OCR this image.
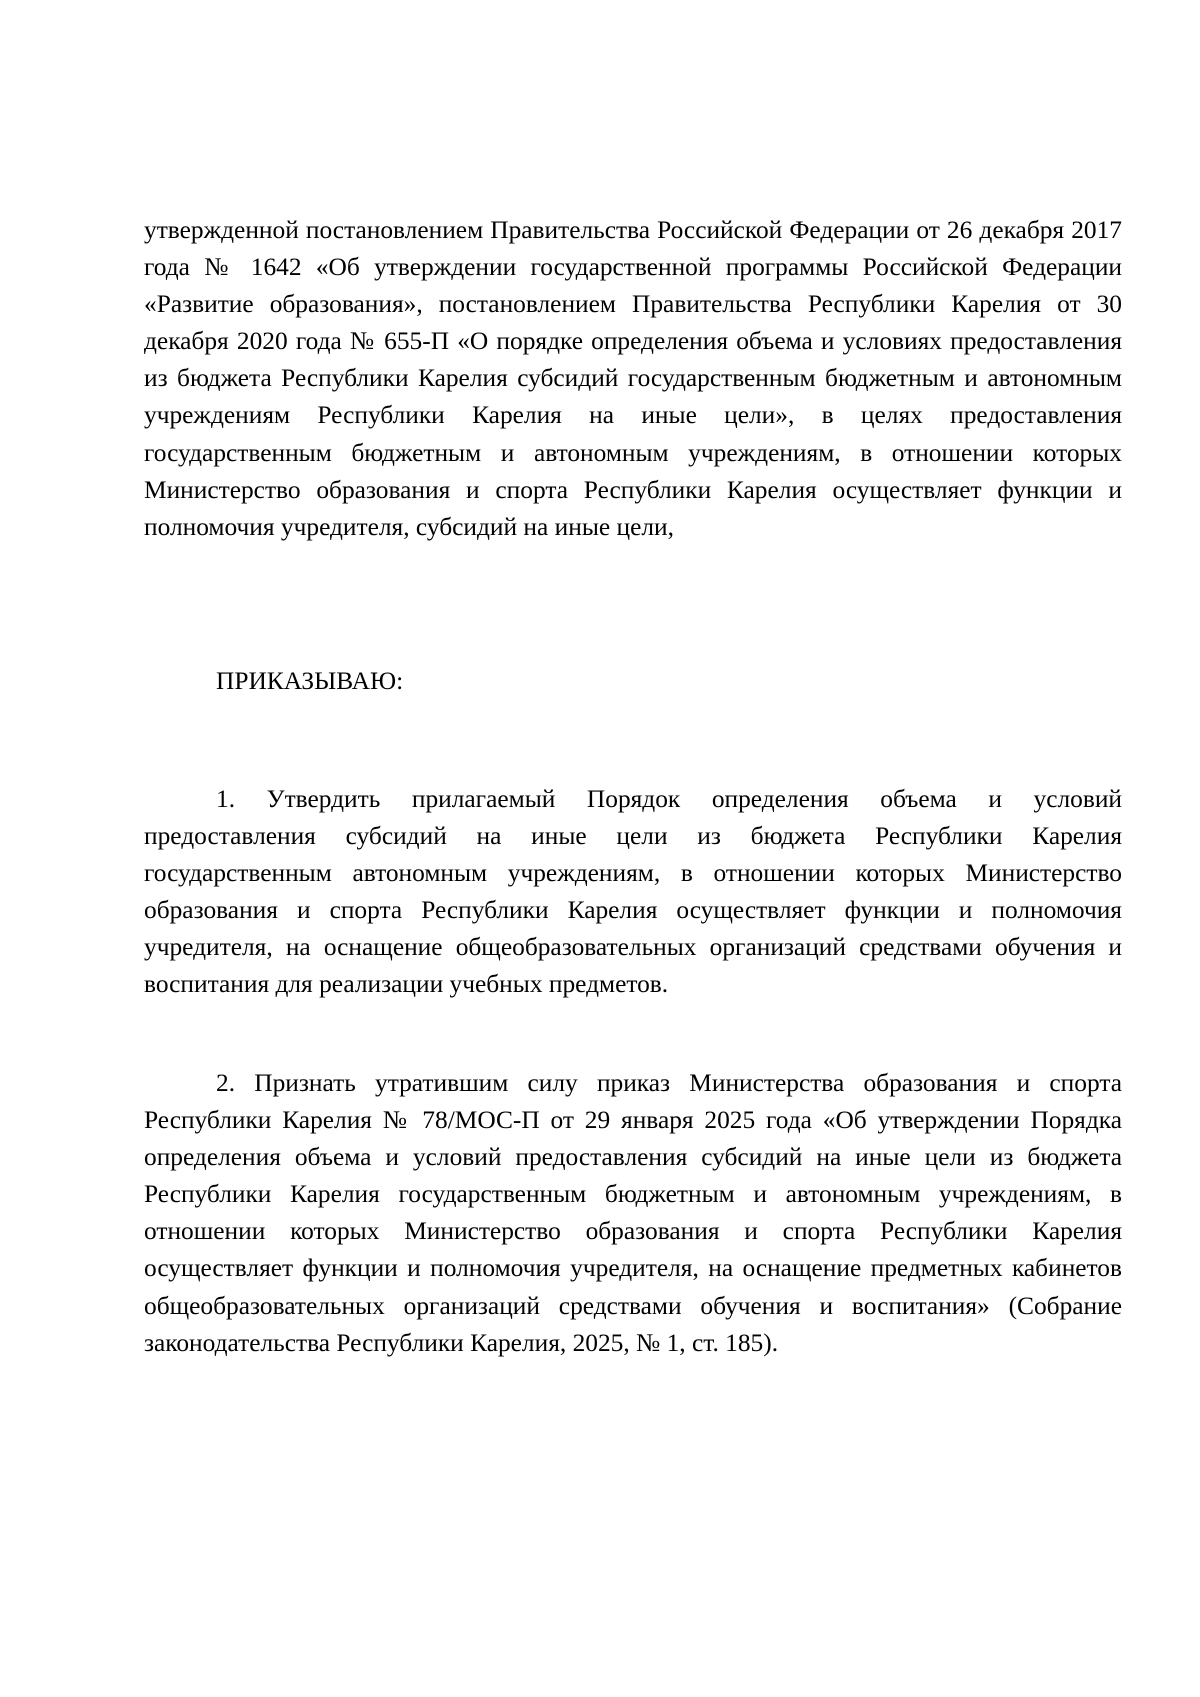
утвержденной постановлением Правительства Российской Федерации от 26 декабря 2017 года № 1642 «Об утверждении государственной программы Российской Федерации «Развитие образования», постановлением Правительства Республики Карелия от 30 декабря 2020 года № 655-П «О порядке определения объема и условиях предоставления из бюджета Республики Карелия субсидий государственным бюджетным и автономным учреждениям Республики Карелия на иные цели», в целях предоставления государственным бюджетным и автономным учреждениям, в отношении которых Министерство образования и спорта Республики Карелия осуществляет функции и полномочия учредителя, субсидий на иные цели,

ПРИКАЗЫВАЮ:

1. Утвердить прилагаемый Порядок определения объема и условий предоставления субсидий на иные цели из бюджета Республики Карелия государственным автономным учреждениям, в отношении которых Министерство образования и спорта Республики Карелия осуществляет функции и полномочия учредителя, на оснащение общеобразовательных организаций средствами обучения и воспитания для реализации учебных предметов.

2. Признать утратившим силу приказ Министерства образования и спорта Республики Карелия № 78/МОС-П от 29 января 2025 года «Об утверждении Порядка определения объема и условий предоставления субсидий на иные цели из бюджета Республики Карелия государственным бюджетным и автономным учреждениям, в отношении которых Министерство образования и спорта Республики Карелия осуществляет функции и полномочия учредителя, на оснащение предметных кабинетов общеобразовательных организаций средствами обучения и воспитания» (Собрание законодательства Республики Карелия, 2025, № 1, ст. 185).
